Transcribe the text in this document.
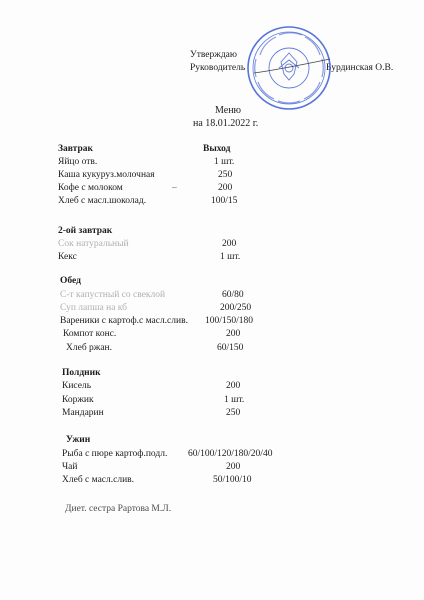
Утверждаю
Руководитель	Бурдинская О.В.
Меню
на 18.01.2022 г.
Завтрак	Выход
Яйцо отв.	1 шт.
Каша кукуруз.молочная	250
Кофе с молоком	–	200
Хлеб с масл.шоколад.	100/15
2-ой завтрак
Сок натуральный	200
Кекс	1 шт.
Обед
С-т капустный со свеклой	60/80
Суп лапша на кб	200/250
Вареники с картоф.с масл.слив. 100/150/180
Компот конс.	200
Хлеб ржан.	60/150
Полдник
Кисель	200
Коржик	1 шт.
Мандарин	250
Ужин
Рыба с пюре картоф.подл. 60/100/120/180/20/40
Чай	200
Хлеб с масл.слив.	50/100/10
Диет. сестра Рартова М.Л.
